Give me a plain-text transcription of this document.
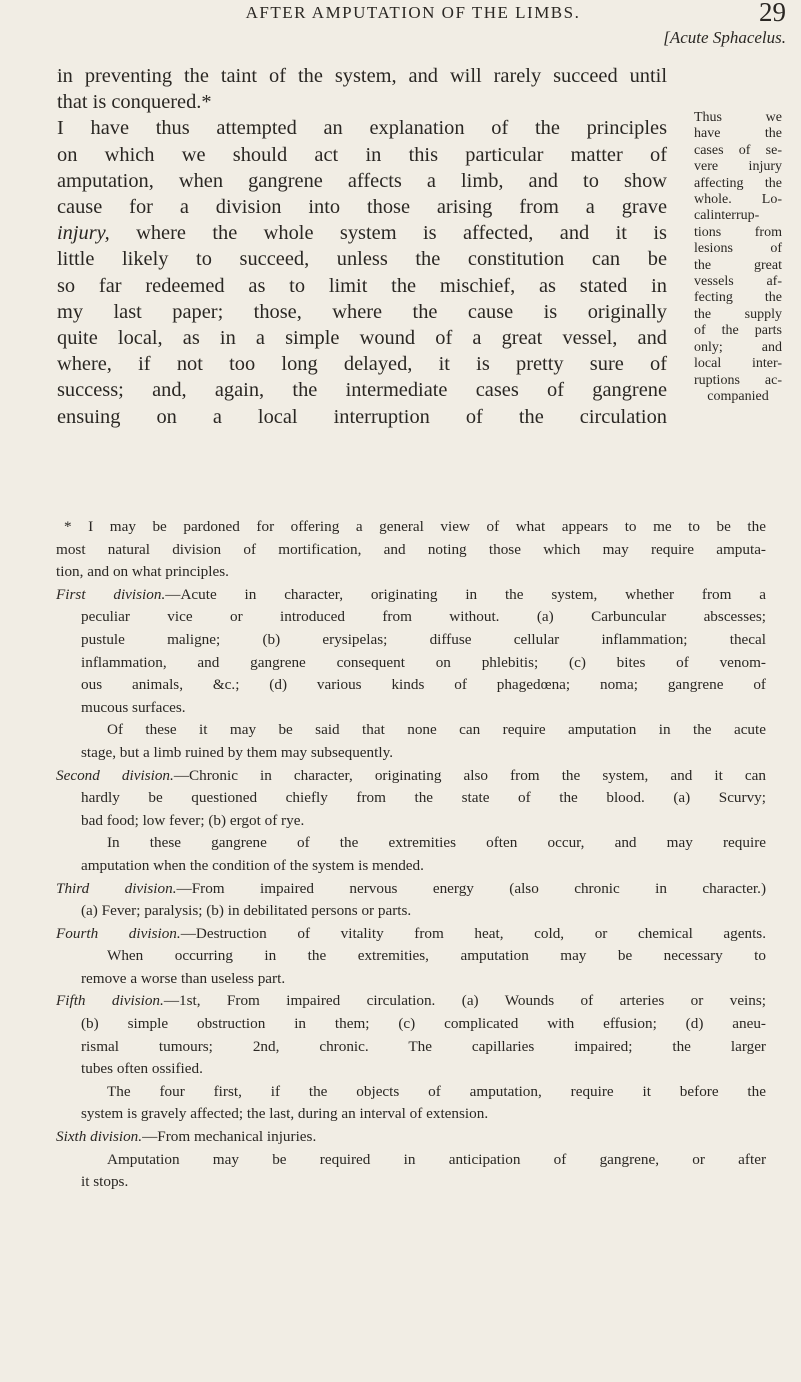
AFTER AMPUTATION OF THE LIMBS.	29
[Acute Sphacelus.
in preventing the taint of the system, and will rarely succeed until
that is conquered.*
I have thus attempted an explanation of the principles
on which we should act in this particular matter of
amputation, when gangrene affects a limb, and to show
cause for a division into those arising from a grave
injury, where the whole system is affected, and it is
little likely to succeed, unless the constitution can be
so far redeemed as to limit the mischief, as stated in
my last paper; those, where the cause is originally
quite local, as in a simple wound of a great vessel, and
where, if not too long delayed, it is pretty sure of
success; and, again, the intermediate cases of gangrene
ensuing on a local interruption of the circulation
Thus we
have the
cases of se-
vere injury
affecting the
whole. Lo-
calinterrup-
tions from
lesions of
the great
vessels af-
fecting the
the supply
of the parts
only; and
local inter-
ruptions ac-
companied
* I may be pardoned for offering a general view of what appears to me to be the
most natural division of mortification, and noting those which may require amputa-
tion, and on what principles.
First division.—Acute in character, originating in the system, whether from a
peculiar vice or introduced from without. (a) Carbuncular abscesses;
pustule maligne; (b) erysipelas; diffuse cellular inflammation; thecal
inflammation, and gangrene consequent on phlebitis; (c) bites of venom-
ous animals, &c.; (d) various kinds of phagedœna; noma; gangrene of
mucous surfaces.
Of these it may be said that none can require amputation in the acute
stage, but a limb ruined by them may subsequently.
Second division.—Chronic in character, originating also from the system, and it can
hardly be questioned chiefly from the state of the blood. (a) Scurvy;
bad food; low fever; (b) ergot of rye.
In these gangrene of the extremities often occur, and may require
amputation when the condition of the system is mended.
Third division.—From impaired nervous energy (also chronic in character.)
(a) Fever; paralysis; (b) in debilitated persons or parts.
Fourth division.—Destruction of vitality from heat, cold, or chemical agents.
When occurring in the extremities, amputation may be necessary to
remove a worse than useless part.
Fifth division.—1st, From impaired circulation. (a) Wounds of arteries or veins;
(b) simple obstruction in them; (c) complicated with effusion; (d) aneu-
rismal tumours; 2nd, chronic. The capillaries impaired; the larger
tubes often ossified.
The four first, if the objects of amputation, require it before the
system is gravely affected; the last, during an interval of extension.
Sixth division.—From mechanical injuries.
Amputation may be required in anticipation of gangrene, or after
it stops.
